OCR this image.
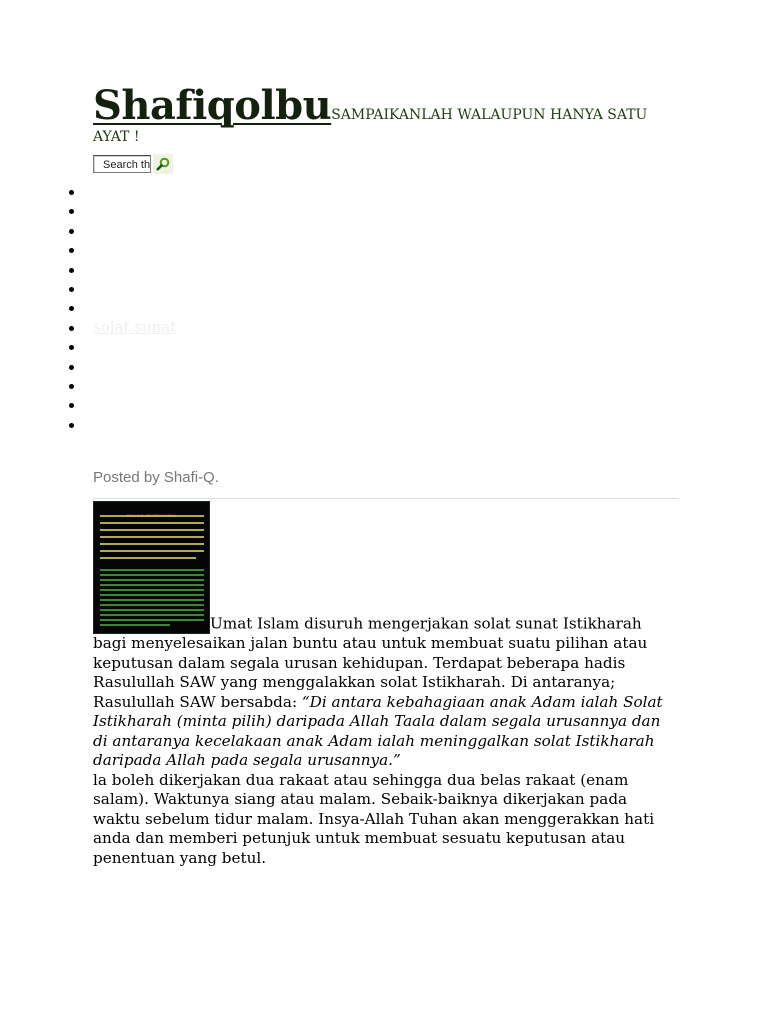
ShafiqolbuSAMPAIKANLAH WALAUPUN HANYA SATU AYAT !
Search this
solat sunat
Posted by Shafi-Q.
Umat Islam disuruh mengerjakan solat sunat Istikharah bagi menyelesaikan jalan buntu atau untuk membuat suatu pilihan atau keputusan dalam segala urusan kehidupan. Terdapat beberapa hadis Rasulullah SAW yang menggalakkan solat Istikharah. Di antaranya; Rasulullah SAW bersabda: “Di antara kebahagiaan anak Adam ialah Solat Istikharah (minta pilih) daripada Allah Taala dalam segala urusannya dan di antaranya kecelakaan anak Adam ialah meninggalkan solat Istikharah daripada Allah pada segala urusannya.”
la boleh dikerjakan dua rakaat atau sehingga dua belas rakaat (enam salam). Waktunya siang atau malam. Sebaik-baiknya dikerjakan pada waktu sebelum tidur malam. Insya-Allah Tuhan akan menggerakkan hati anda dan memberi petunjuk untuk membuat sesuatu keputusan atau penentuan yang betul.
